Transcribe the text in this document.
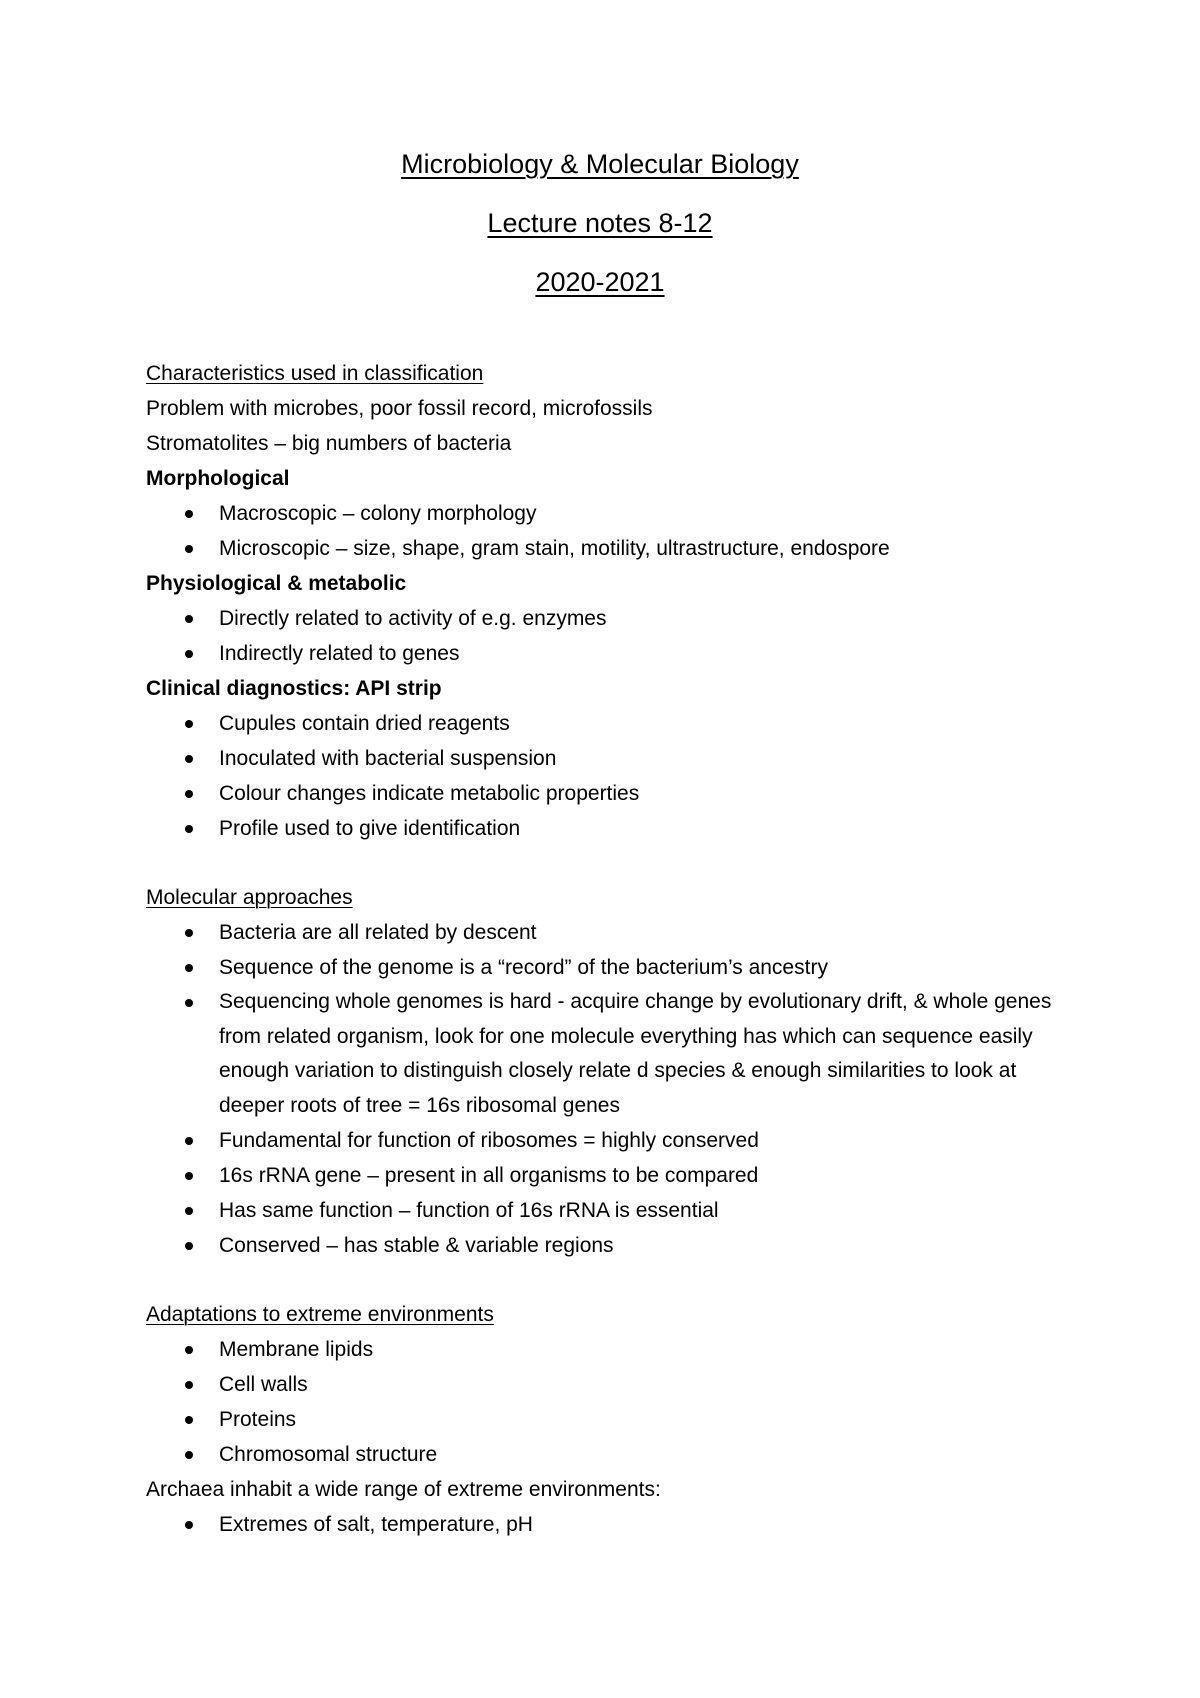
Microbiology & Molecular Biology
Lecture notes 8-12
2020-2021
Characteristics used in classification
Problem with microbes, poor fossil record, microfossils
Stromatolites – big numbers of bacteria
Morphological
Macroscopic – colony morphology
Microscopic – size, shape, gram stain, motility, ultrastructure, endospore
Physiological & metabolic
Directly related to activity of e.g. enzymes
Indirectly related to genes
Clinical diagnostics: API strip
Cupules contain dried reagents
Inoculated with bacterial suspension
Colour changes indicate metabolic properties
Profile used to give identification
Molecular approaches
Bacteria are all related by descent
Sequence of the genome is a “record” of the bacterium’s ancestry
Sequencing whole genomes is hard - acquire change by evolutionary drift, & whole genes from related organism, look for one molecule everything has which can sequence easily enough variation to distinguish closely relate d species & enough similarities to look at deeper roots of tree = 16s ribosomal genes
Fundamental for function of ribosomes = highly conserved
16s rRNA gene – present in all organisms to be compared
Has same function – function of 16s rRNA is essential
Conserved – has stable & variable regions
Adaptations to extreme environments
Membrane lipids
Cell walls
Proteins
Chromosomal structure
Archaea inhabit a wide range of extreme environments:
Extremes of salt, temperature, pH
